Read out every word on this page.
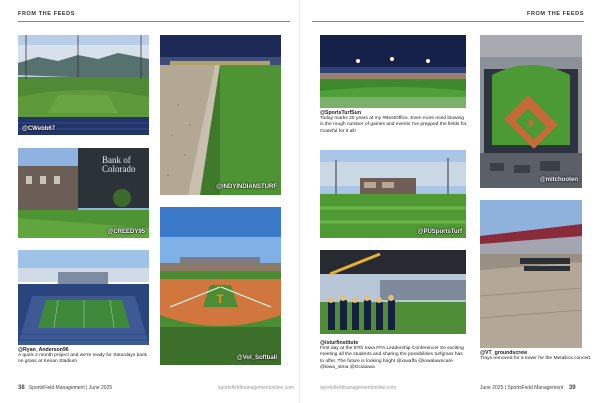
FROM THE FEEDS
@CWebb67
@INDYINDIANSTURF
Bank of Colorado
@CREEDY95
@Ryan_Anderson96
A quick 2 month project and we're ready for Saturdays back on grass at Kenan Stadium
T
@Vol_Softball
38 SportsField Management | June 2025	sportsfieldmanagementonline.com
FROM THE FEEDS
@SportsTurfSun
Today marks 20 years at my #BestOffice. Even more mind blowing is the rough number of games and events I've prepped the fields for. Grateful for it all!
@mitchooten
@PUSportsTurf
@isturfinstitute
First day at the 97th Iowa FFA Leadership Conference! So exciting meeting all the students and sharing the possibilities turfgrass has to offer. The future is looking bright @iowaffa @iowalawncare @iowa_stma @Gciaiowa
@VT_groundscrew
Trays removed for a tower for the Metallica concert.
sportsfieldmanagementonline.com	June 2025 | SportsField Management 39
